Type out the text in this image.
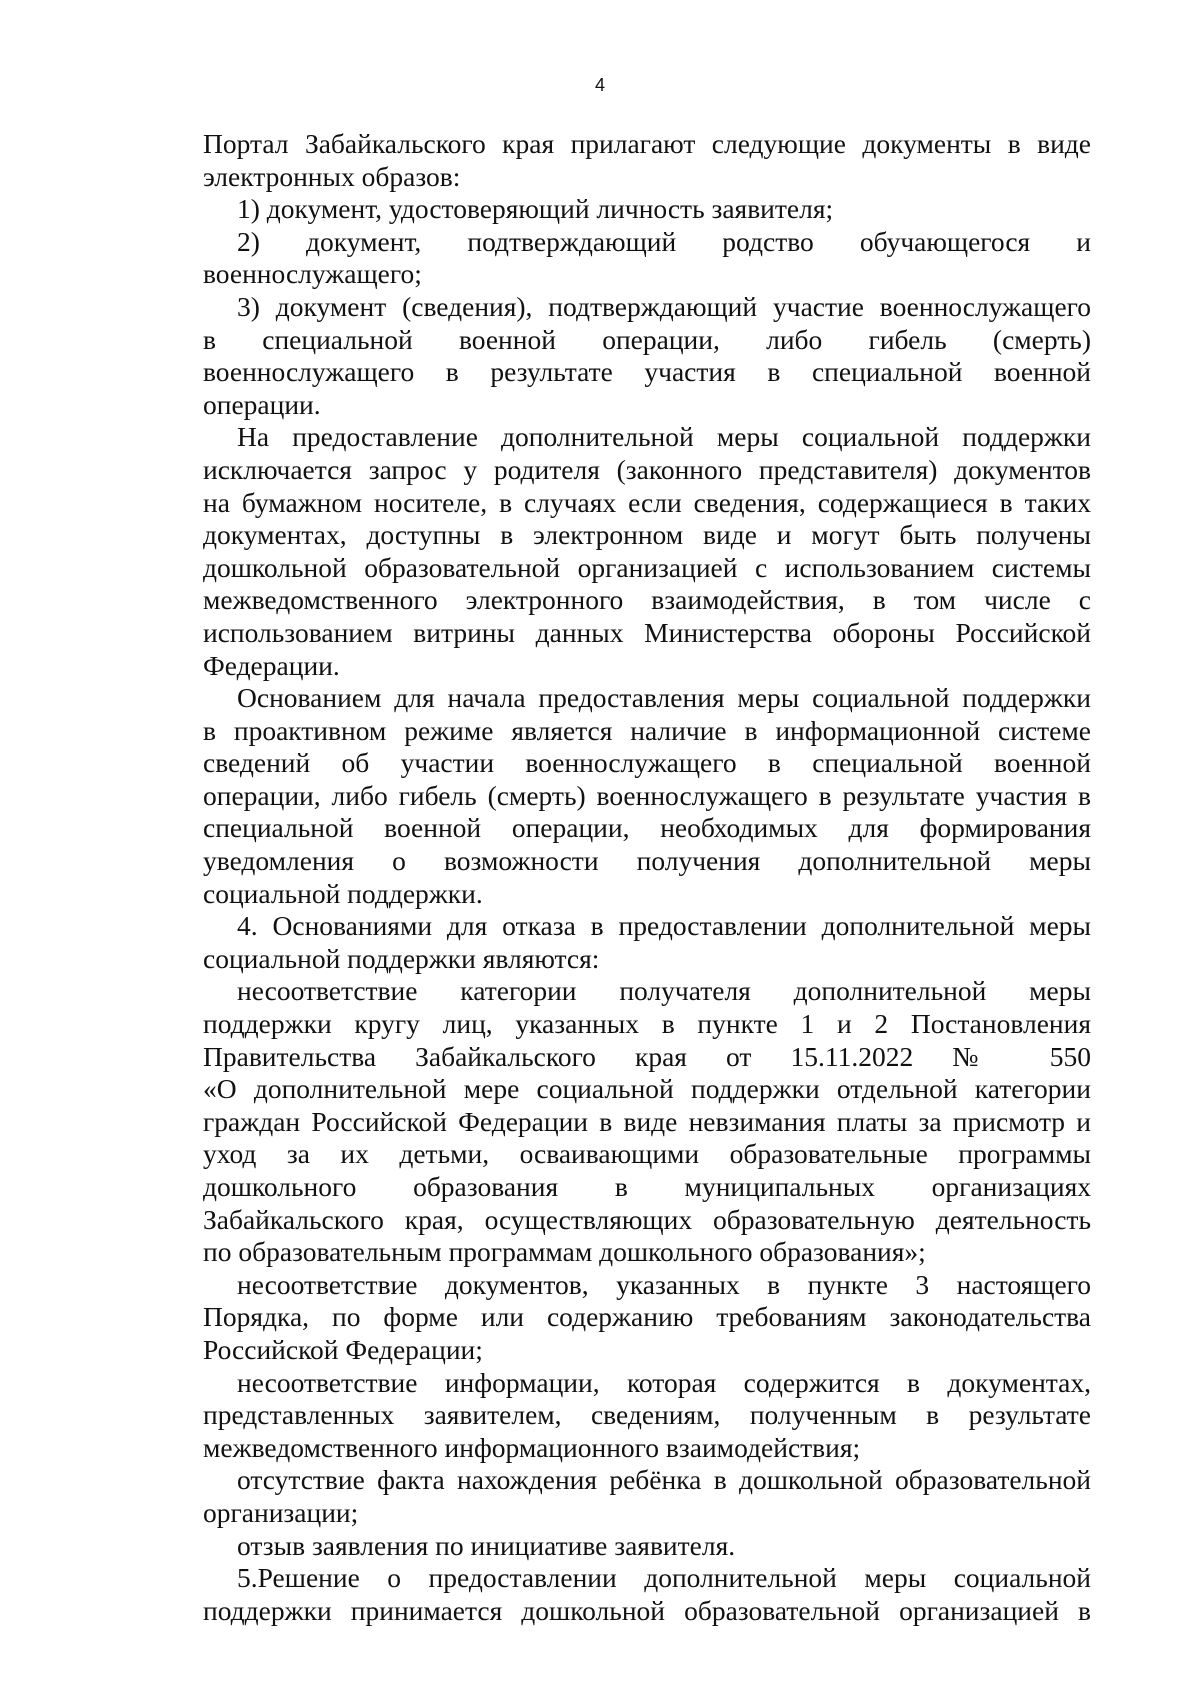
4
Портал Забайкальского края прилагают следующие документы в виде
электронных образов:
1) документ, удостоверяющий личность заявителя;
2) документ, подтверждающий родство обучающегося и
военнослужащего;
3) документ (сведения), подтверждающий участие военнослужащего
в специальной военной операции, либо гибель (смерть)
военнослужащего в результате участия в специальной военной
операции.
На предоставление дополнительной меры социальной поддержки
исключается запрос у родителя (законного представителя) документов
на бумажном носителе, в случаях если сведения, содержащиеся в таких
документах, доступны в электронном виде и могут быть получены
дошкольной образовательной организацией с использованием системы
межведомственного электронного взаимодействия, в том числе с
использованием витрины данных Министерства обороны Российской
Федерации.
Основанием для начала предоставления меры социальной поддержки
в проактивном режиме является наличие в информационной системе
сведений об участии военнослужащего в специальной военной
операции, либо гибель (смерть) военнослужащего в результате участия в
специальной военной операции, необходимых для формирования
уведомления о возможности получения дополнительной меры
социальной поддержки.
4. Основаниями для отказа в предоставлении дополнительной меры
социальной поддержки являются:
несоответствие категории получателя дополнительной меры
поддержки кругу лиц, указанных в пункте 1 и 2 Постановления
Правительства Забайкальского края от 15.11.2022 № 550
«О дополнительной мере социальной поддержки отдельной категории
граждан Российской Федерации в виде невзимания платы за присмотр и
уход за их детьми, осваивающими образовательные программы
дошкольного образования в муниципальных организациях
Забайкальского края, осуществляющих образовательную деятельность
по образовательным программам дошкольного образования»;
несоответствие документов, указанных в пункте 3 настоящего
Порядка, по форме или содержанию требованиям законодательства
Российской Федерации;
несоответствие информации, которая содержится в документах,
представленных заявителем, сведениям, полученным в результате
межведомственного информационного взаимодействия;
отсутствие факта нахождения ребёнка в дошкольной образовательной
организации;
отзыв заявления по инициативе заявителя.
5.Решение о предоставлении дополнительной меры социальной
поддержки принимается дошкольной образовательной организацией в
